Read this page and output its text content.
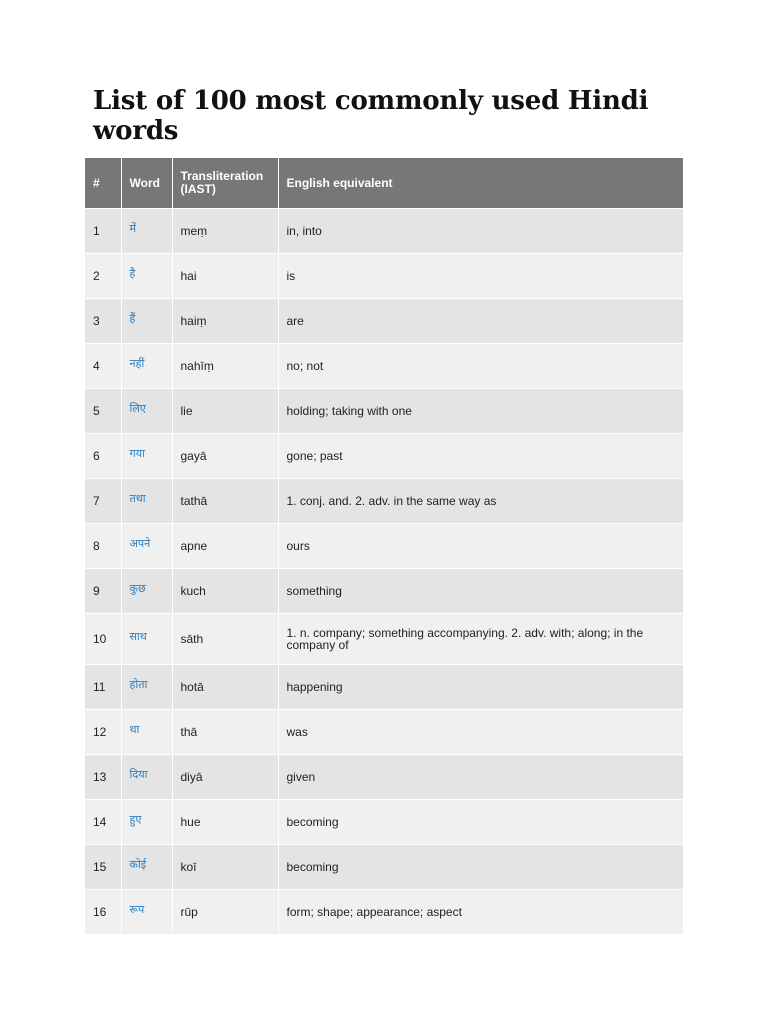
List of 100 most commonly used Hindi words
#	Word	Transliteration (IAST)	English equivalent
1	में	meṃ	in, into
2	है	hai	is
3	हैं	haiṃ	are
4	नहीं	nahīṃ	no; not
5	लिए	lie	holding; taking with one
6	गया	gayā	gone; past
7	तथा	tathā	1. conj. and. 2. adv. in the same way as
8	अपने	apne	ours
9	कुछ	kuch	something
10	साथ	sāth	1. n. company; something accompanying. 2. adv. with; along; in the company of
11	होता	hotā	happening
12	था	thā	was
13	दिया	diyā	given
14	हुए	hue	becoming
15	कोई	koī	becoming
16	रूप	rūp	form; shape; appearance; aspect
